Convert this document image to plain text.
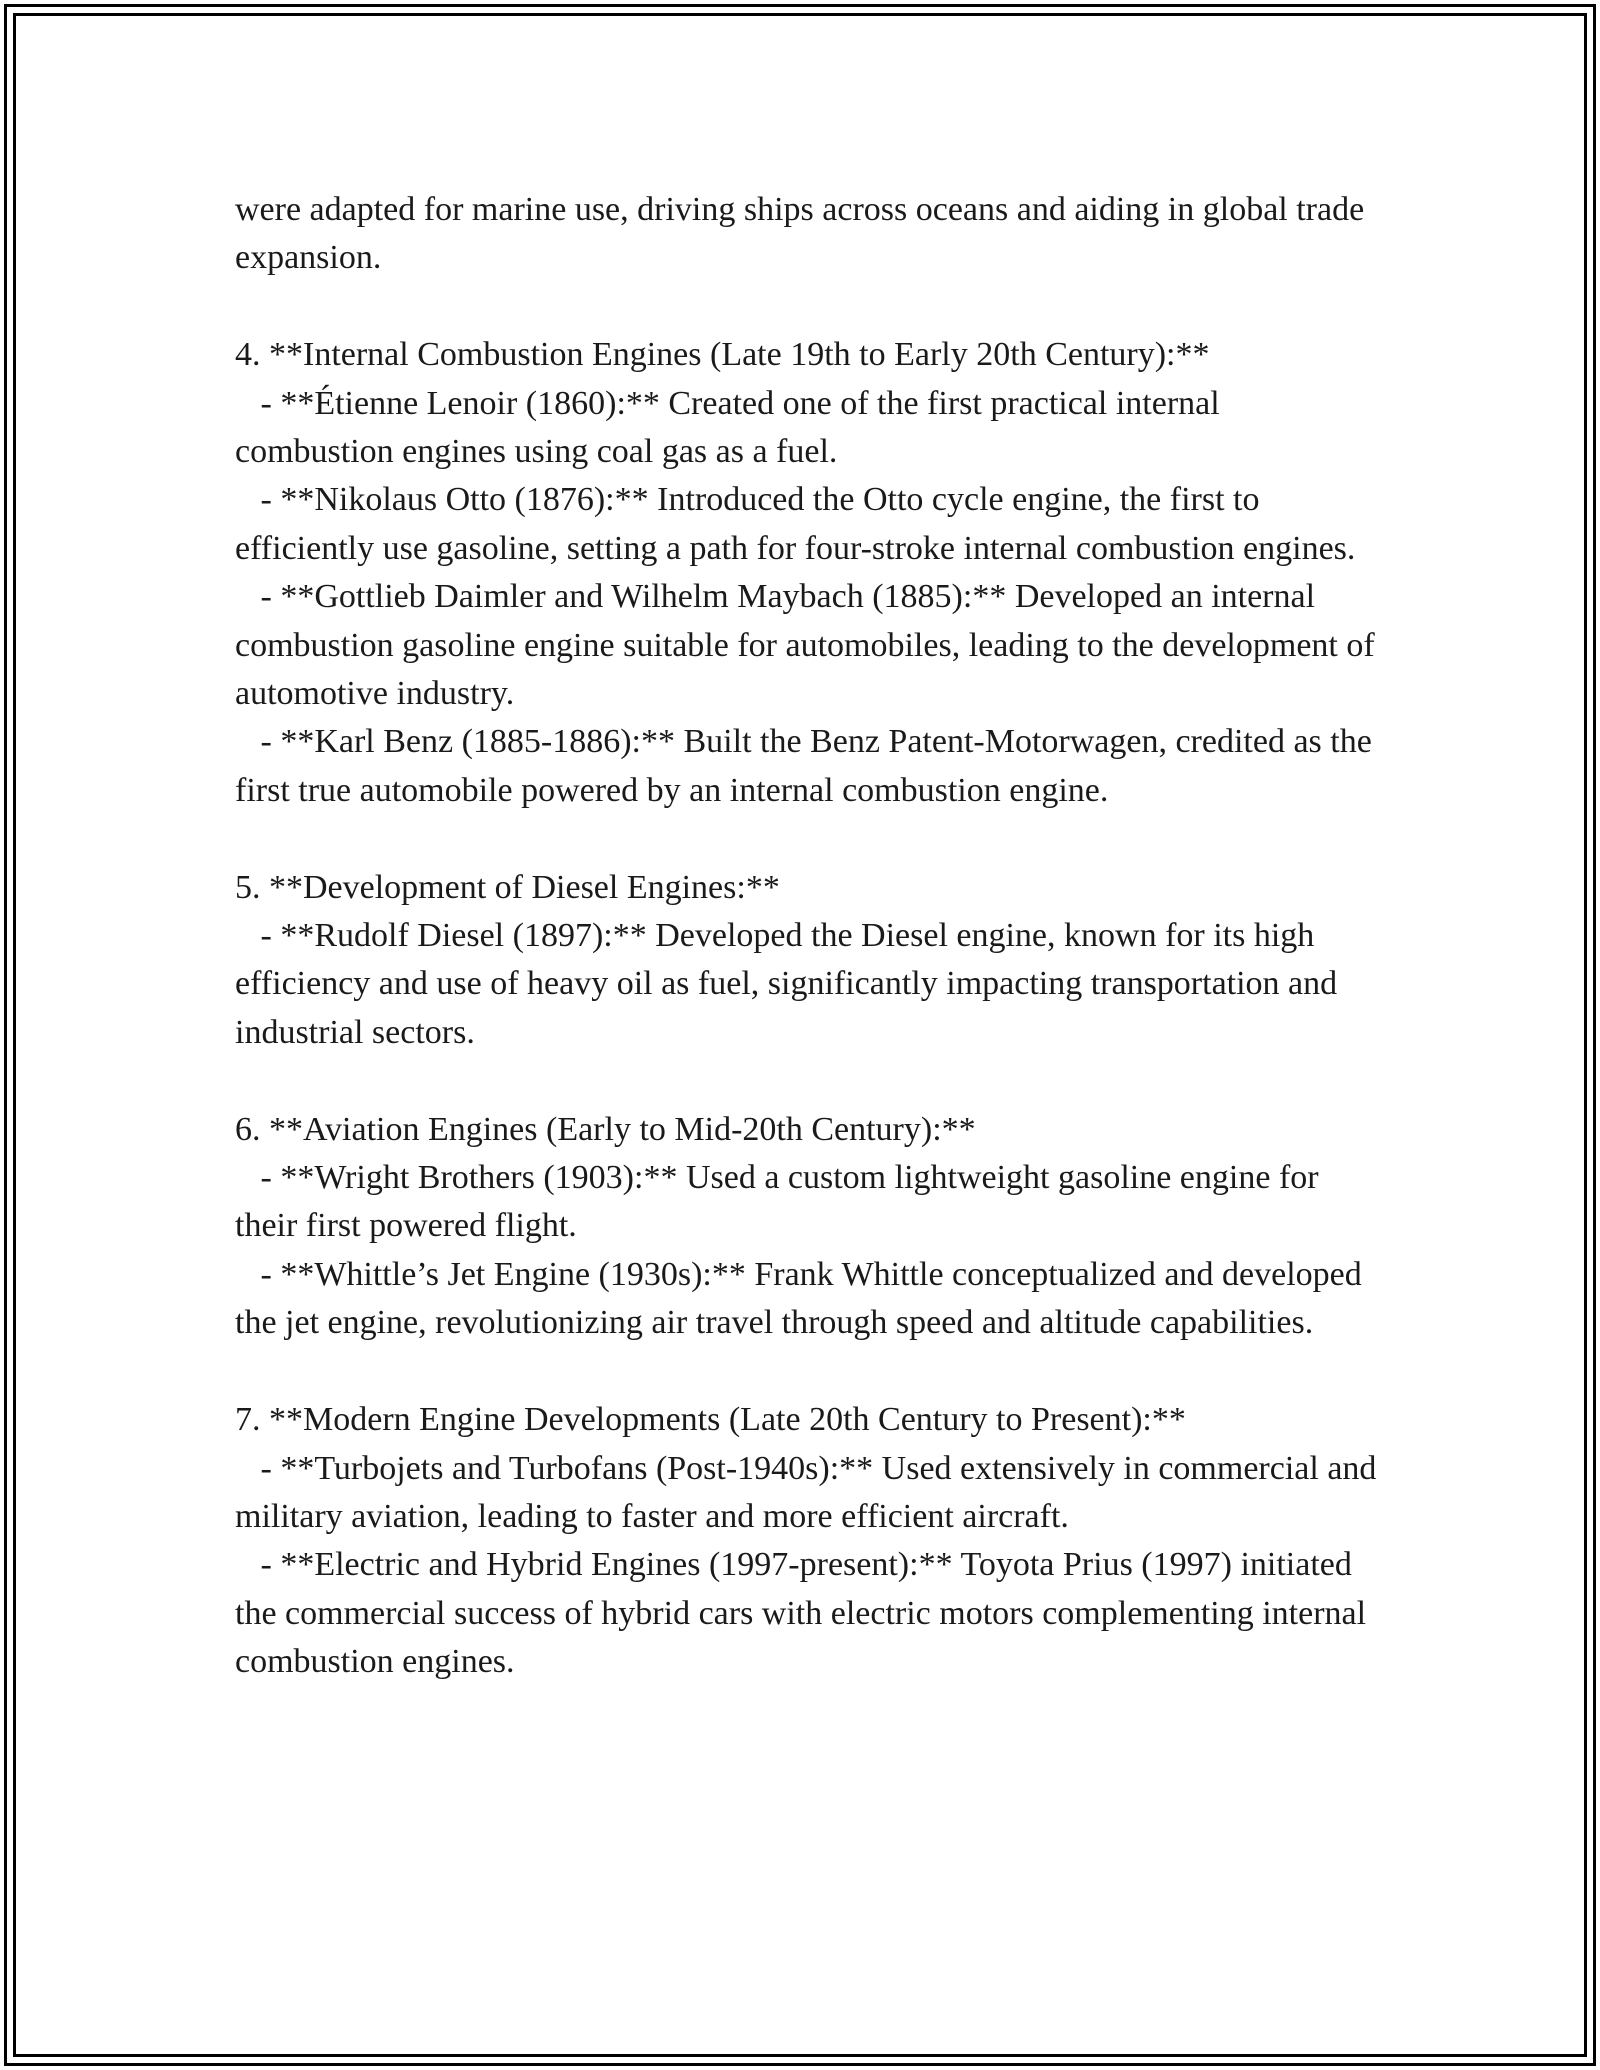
were adapted for marine use, driving ships across oceans and aiding in global trade expansion.

4. **Internal Combustion Engines (Late 19th to Early 20th Century):**

- **Étienne Lenoir (1860):** Created one of the first practical internal combustion engines using coal gas as a fuel.

- **Nikolaus Otto (1876):** Introduced the Otto cycle engine, the first to efficiently use gasoline, setting a path for four-stroke internal combustion engines.

- **Gottlieb Daimler and Wilhelm Maybach (1885):** Developed an internal combustion gasoline engine suitable for automobiles, leading to the development of automotive industry.

- **Karl Benz (1885-1886):** Built the Benz Patent-Motorwagen, credited as the first true automobile powered by an internal combustion engine.

5. **Development of Diesel Engines:**

- **Rudolf Diesel (1897):** Developed the Diesel engine, known for its high efficiency and use of heavy oil as fuel, significantly impacting transportation and industrial sectors.

6. **Aviation Engines (Early to Mid-20th Century):**

- **Wright Brothers (1903):** Used a custom lightweight gasoline engine for their first powered flight.

- **Whittle’s Jet Engine (1930s):** Frank Whittle conceptualized and developed the jet engine, revolutionizing air travel through speed and altitude capabilities.

7. **Modern Engine Developments (Late 20th Century to Present):**

- **Turbojets and Turbofans (Post-1940s):** Used extensively in commercial and military aviation, leading to faster and more efficient aircraft.

- **Electric and Hybrid Engines (1997-present):** Toyota Prius (1997) initiated the commercial success of hybrid cars with electric motors complementing internal combustion engines.
